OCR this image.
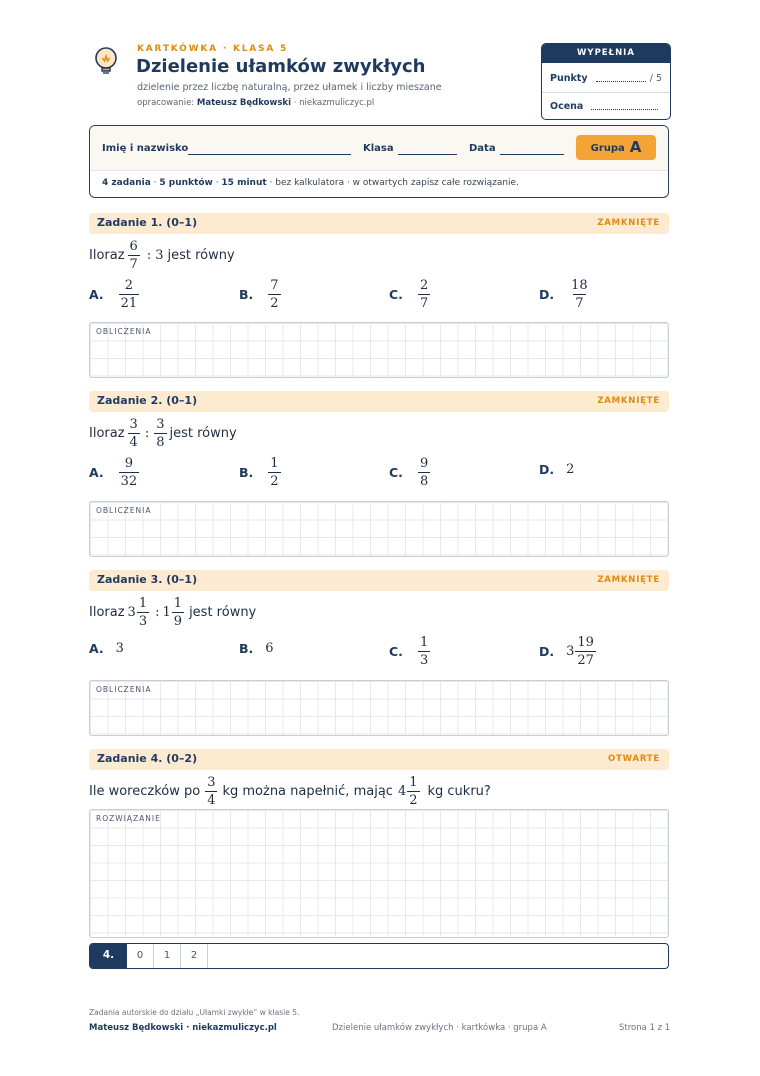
KARTKÓWKA · KLASA 5
Dzielenie ułamków zwykłych
dzielenie przez liczbę naturalną, przez ułamek i liczby mieszane
opracowanie: Mateusz Będkowski · niekazmuliczyc.pl
WYPEŁNIA NAUCZYCIEL
Punkty	/ 5
Ocena
Imię i nazwisko	Klasa	Data	Grupa A
4 zadania · 5 punktów · 15 minut · bez kalkulatora · w otwartych zapisz całe rozwiązanie.
Zadanie 1. (0–1)	ZAMKNIĘTE
Iloraz $\frac{6}{7}$ : 3 jest równy
A. $\frac{2}{21}$	B. $\frac{7}{2}$	C. $\frac{2}{7}$	D. $\frac{18}{7}$
OBLICZENIA
Zadanie 2. (0–1)	ZAMKNIĘTE
Iloraz $\frac{3}{4}$ : $\frac{3}{8}$ jest równy
A. $\frac{9}{32}$	B. $\frac{1}{2}$	C. $\frac{9}{8}$	D. 2
OBLICZENIA
Zadanie 3. (0–1)	ZAMKNIĘTE
Iloraz $3 \frac{1}{3}$ : $1 \frac{1}{9}$ jest równy
A. 3	B. 6	C. $\frac{1}{3}$	D. $3 \frac{19}{27}$
OBLICZENIA
Zadanie 4. (0–2)	OTWARTE
Ile woreczków po $\frac{3}{4}$ kg można napełnić, mając $4 \frac{1}{2}$ kg cukru?
ROZWIĄZANIE
4.	0	1	2
Zadania autorskie do działu „Ułamki zwykłe” w klasie 5.
Mateusz Będkowski · niekazmuliczyc.pl	Dzielenie ułamków zwykłych · kartkówka · grupa A	Strona 1 z 1
